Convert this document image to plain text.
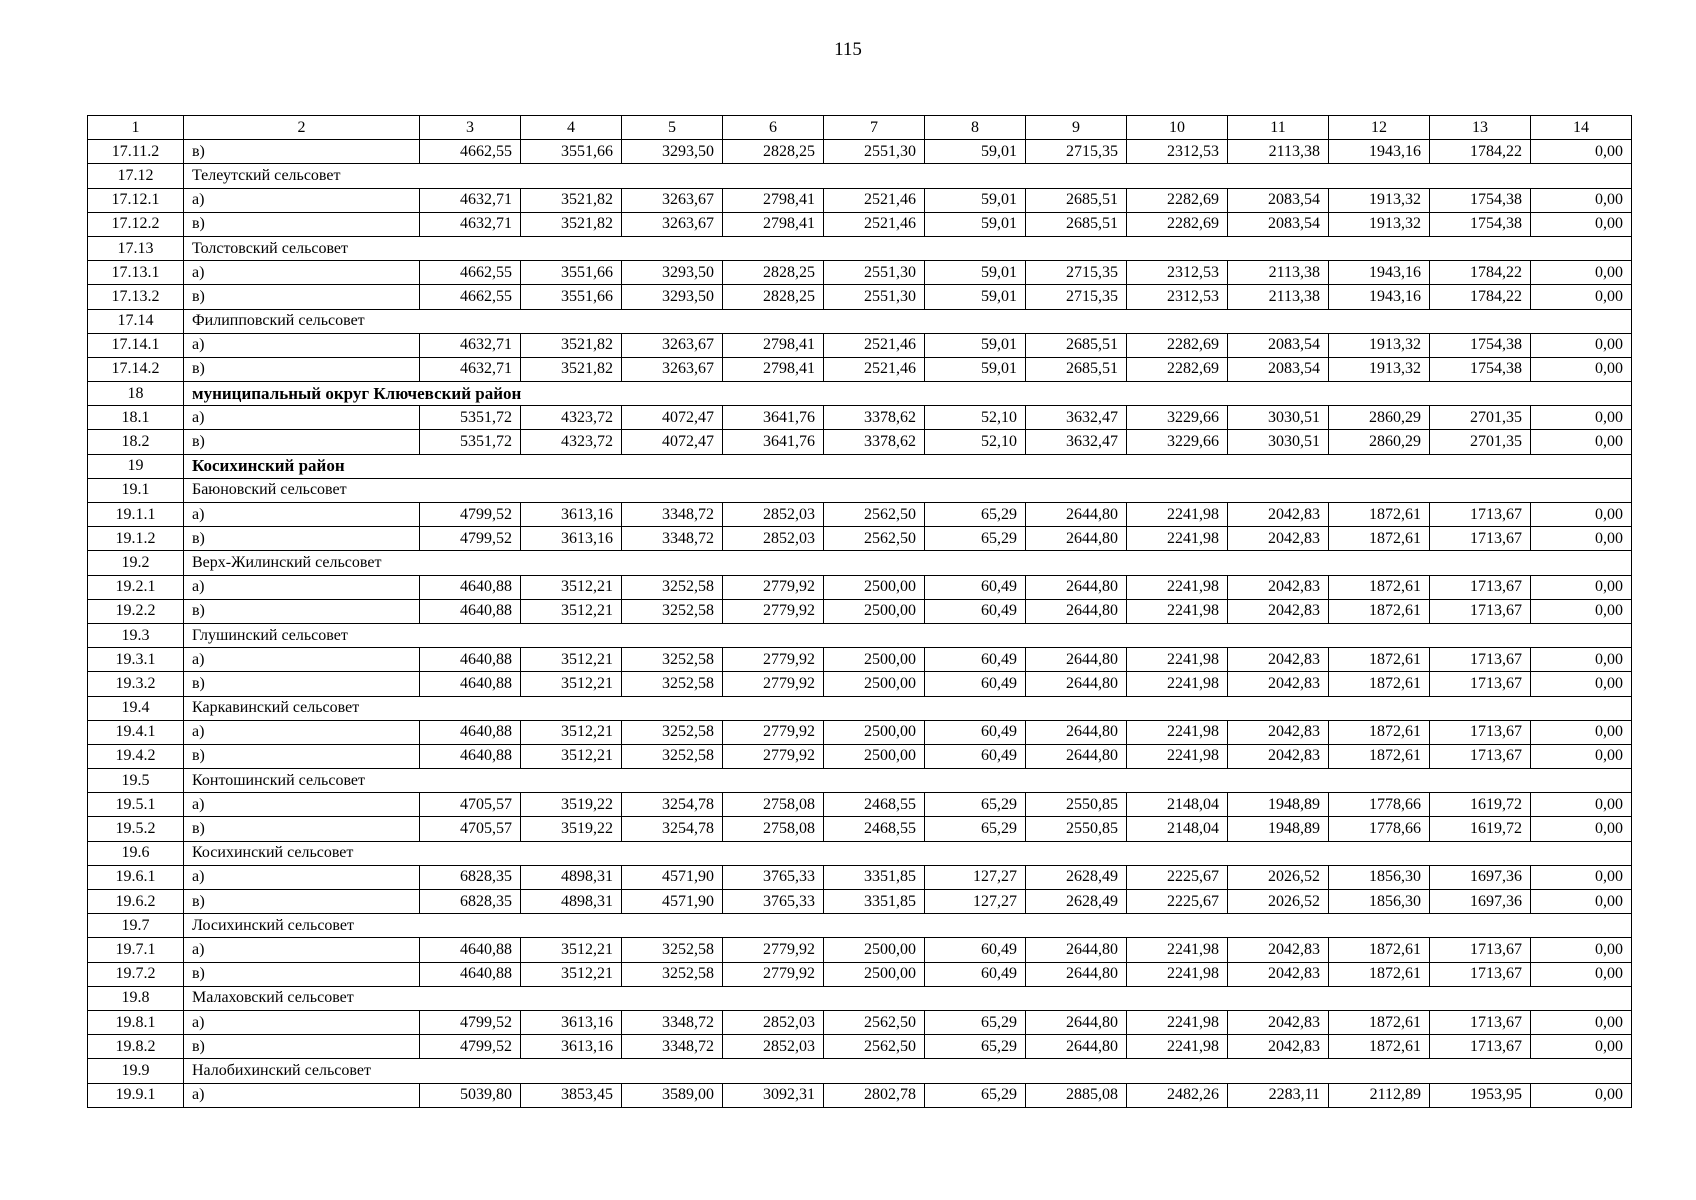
115
1	2	3	4	5	6	7	8	9	10	11	12	13	14
17.11.2	в)	4662,55	3551,66	3293,50	2828,25	2551,30	59,01	2715,35	2312,53	2113,38	1943,16	1784,22	0,00
17.12	Телеутский сельсовет												
17.12.1	а)	4632,71	3521,82	3263,67	2798,41	2521,46	59,01	2685,51	2282,69	2083,54	1913,32	1754,38	0,00
17.12.2	в)	4632,71	3521,82	3263,67	2798,41	2521,46	59,01	2685,51	2282,69	2083,54	1913,32	1754,38	0,00
17.13	Толстовский сельсовет												
17.13.1	а)	4662,55	3551,66	3293,50	2828,25	2551,30	59,01	2715,35	2312,53	2113,38	1943,16	1784,22	0,00
17.13.2	в)	4662,55	3551,66	3293,50	2828,25	2551,30	59,01	2715,35	2312,53	2113,38	1943,16	1784,22	0,00
17.14	Филипповский сельсовет												
17.14.1	а)	4632,71	3521,82	3263,67	2798,41	2521,46	59,01	2685,51	2282,69	2083,54	1913,32	1754,38	0,00
17.14.2	в)	4632,71	3521,82	3263,67	2798,41	2521,46	59,01	2685,51	2282,69	2083,54	1913,32	1754,38	0,00
18	муниципальный округ Ключевский район												
18.1	а)	5351,72	4323,72	4072,47	3641,76	3378,62	52,10	3632,47	3229,66	3030,51	2860,29	2701,35	0,00
18.2	в)	5351,72	4323,72	4072,47	3641,76	3378,62	52,10	3632,47	3229,66	3030,51	2860,29	2701,35	0,00
19	Косихинский район												
19.1	Баюновский сельсовет												
19.1.1	а)	4799,52	3613,16	3348,72	2852,03	2562,50	65,29	2644,80	2241,98	2042,83	1872,61	1713,67	0,00
19.1.2	в)	4799,52	3613,16	3348,72	2852,03	2562,50	65,29	2644,80	2241,98	2042,83	1872,61	1713,67	0,00
19.2	Верх-Жилинский сельсовет												
19.2.1	а)	4640,88	3512,21	3252,58	2779,92	2500,00	60,49	2644,80	2241,98	2042,83	1872,61	1713,67	0,00
19.2.2	в)	4640,88	3512,21	3252,58	2779,92	2500,00	60,49	2644,80	2241,98	2042,83	1872,61	1713,67	0,00
19.3	Глушинский сельсовет												
19.3.1	а)	4640,88	3512,21	3252,58	2779,92	2500,00	60,49	2644,80	2241,98	2042,83	1872,61	1713,67	0,00
19.3.2	в)	4640,88	3512,21	3252,58	2779,92	2500,00	60,49	2644,80	2241,98	2042,83	1872,61	1713,67	0,00
19.4	Каркавинский сельсовет												
19.4.1	а)	4640,88	3512,21	3252,58	2779,92	2500,00	60,49	2644,80	2241,98	2042,83	1872,61	1713,67	0,00
19.4.2	в)	4640,88	3512,21	3252,58	2779,92	2500,00	60,49	2644,80	2241,98	2042,83	1872,61	1713,67	0,00
19.5	Контошинский сельсовет												
19.5.1	а)	4705,57	3519,22	3254,78	2758,08	2468,55	65,29	2550,85	2148,04	1948,89	1778,66	1619,72	0,00
19.5.2	в)	4705,57	3519,22	3254,78	2758,08	2468,55	65,29	2550,85	2148,04	1948,89	1778,66	1619,72	0,00
19.6	Косихинский сельсовет												
19.6.1	а)	6828,35	4898,31	4571,90	3765,33	3351,85	127,27	2628,49	2225,67	2026,52	1856,30	1697,36	0,00
19.6.2	в)	6828,35	4898,31	4571,90	3765,33	3351,85	127,27	2628,49	2225,67	2026,52	1856,30	1697,36	0,00
19.7	Лосихинский сельсовет												
19.7.1	а)	4640,88	3512,21	3252,58	2779,92	2500,00	60,49	2644,80	2241,98	2042,83	1872,61	1713,67	0,00
19.7.2	в)	4640,88	3512,21	3252,58	2779,92	2500,00	60,49	2644,80	2241,98	2042,83	1872,61	1713,67	0,00
19.8	Малаховский сельсовет												
19.8.1	а)	4799,52	3613,16	3348,72	2852,03	2562,50	65,29	2644,80	2241,98	2042,83	1872,61	1713,67	0,00
19.8.2	в)	4799,52	3613,16	3348,72	2852,03	2562,50	65,29	2644,80	2241,98	2042,83	1872,61	1713,67	0,00
19.9	Налобихинский сельсовет												
19.9.1	а)	5039,80	3853,45	3589,00	3092,31	2802,78	65,29	2885,08	2482,26	2283,11	2112,89	1953,95	0,00
